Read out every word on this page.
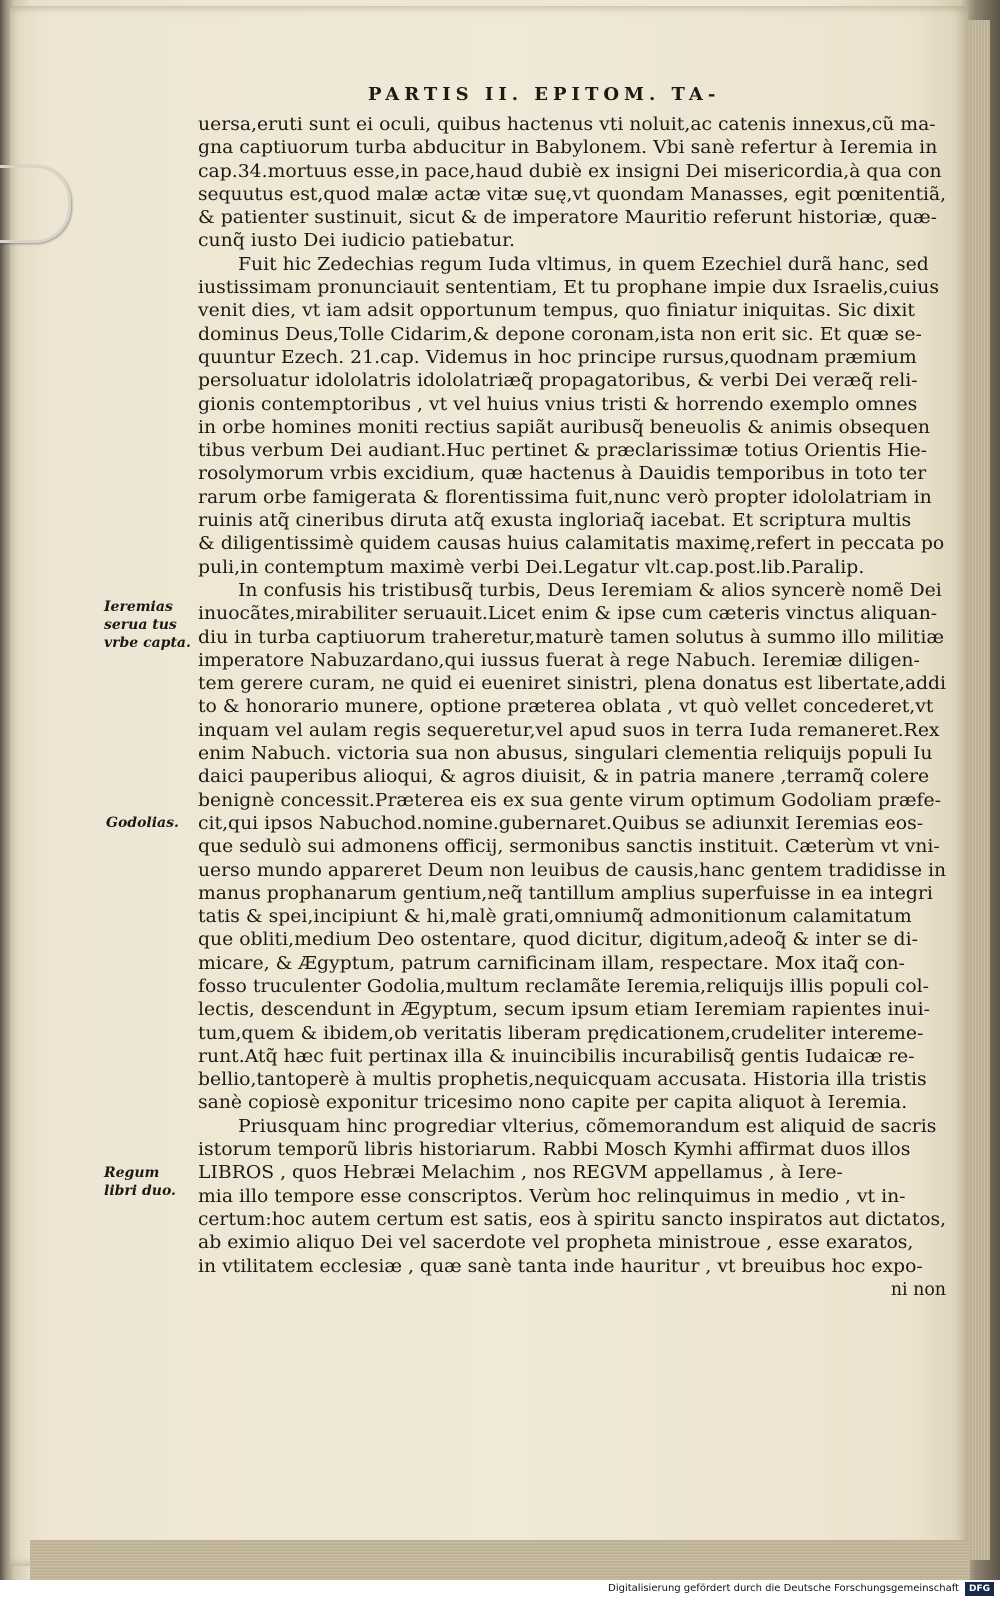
PARTIS II. EPITOM. TA-
uersa,eruti sunt ei oculi, quibus hactenus vti noluit,ac catenis innexus,cũ ma-
gna captiuorum turba abducitur in Babylonem. Vbi sanè refertur à Ieremia in
cap.34.mortuus esse,in pace,haud dubiè ex insigni Dei misericordia,à qua con
sequutus est,quod malæ actæ vitæ suę,vt quondam Manasses, egit pœnitentiã,
& patienter sustinuit, sicut & de imperatore Mauritio referunt historiæ, quæ-
cunq̃ iusto Dei iudicio patiebatur.
Fuit hic Zedechias regum Iuda vltimus, in quem Ezechiel durã hanc, sed
iustissimam pronunciauit sententiam, Et tu prophane impie dux Israelis,cuius
venit dies, vt iam adsit opportunum tempus, quo finiatur iniquitas. Sic dixit
dominus Deus,Tolle Cidarim,& depone coronam,ista non erit sic. Et quæ se-
quuntur Ezech. 21.cap. Videmus in hoc principe rursus,quodnam præmium
persoluatur idololatris idololatriæq̃ propagatoribus, & verbi Dei veræq̃ reli-
gionis contemptoribus , vt vel huius vnius tristi & horrendo exemplo omnes
in orbe homines moniti rectius sapiãt auribusq̃ beneuolis & animis obsequen
tibus verbum Dei audiant.Huc pertinet & præclarissimæ totius Orientis Hie-
rosolymorum vrbis excidium, quæ hactenus à Dauidis temporibus in toto ter
rarum orbe famigerata & florentissima fuit,nunc verò propter idololatriam in
ruinis atq̃ cineribus diruta atq̃ exusta ingloriaq̃ iacebat. Et scriptura multis
& diligentissimè quidem causas huius calamitatis maximę,refert in peccata po
puli,in contemptum maximè verbi Dei.Legatur vlt.cap.post.lib.Paralip.
In confusis his tristibusq̃ turbis, Deus Ieremiam & alios syncerè nomẽ Dei
inuocãtes,mirabiliter seruauit.Licet enim & ipse cum cæteris vinctus aliquan-
diu in turba captiuorum traheretur,maturè tamen solutus à summo illo militiæ
imperatore Nabuzardano,qui iussus fuerat à rege Nabuch. Ieremiæ diligen-
tem gerere curam, ne quid ei eueniret sinistri, plena donatus est libertate,addi
to & honorario munere, optione præterea oblata , vt quò vellet concederet,vt
inquam vel aulam regis sequeretur,vel apud suos in terra Iuda remaneret.Rex
enim Nabuch. victoria sua non abusus, singulari clementia reliquijs populi Iu
daici pauperibus alioqui, & agros diuisit, & in patria manere ,terramq̃ colere
benignè concessit.Præterea eis ex sua gente virum optimum Godoliam præfe-
cit,qui ipsos Nabuchod.nomine.gubernaret.Quibus se adiunxit Ieremias eos-
que sedulò sui admonens officij, sermonibus sanctis instituit. Cæterùm vt vni-
uerso mundo appareret Deum non leuibus de causis,hanc gentem tradidisse in
manus prophanarum gentium,neq̃ tantillum amplius superfuisse in ea integri
tatis & spei,incipiunt & hi,malè grati,omniumq̃ admonitionum calamitatum
que obliti,medium Deo ostentare, quod dicitur, digitum,adeoq̃ & inter se di-
micare, & Ægyptum, patrum carnificinam illam, respectare. Mox itaq̃ con-
fosso truculenter Godolia,multum reclamãte Ieremia,reliquijs illis populi col-
lectis, descendunt in Ægyptum, secum ipsum etiam Ieremiam rapientes inui-
tum,quem & ibidem,ob veritatis liberam prędicationem,crudeliter intereme-
runt.Atq̃ hæc fuit pertinax illa & inuincibilis incurabilisq̃ gentis Iudaicæ re-
bellio,tantoperè à multis prophetis,nequicquam accusata. Historia illa tristis
sanè copiosè exponitur tricesimo nono capite per capita aliquot à Ieremia.
Priusquam hinc progrediar vlterius, cõmemorandum est aliquid de sacris
istorum temporũ libris historiarum. Rabbi Mosch Kymhi affirmat duos illos
LIBROS , quos Hebræi Melachim , nos REGVM appellamus , à Iere-
mia illo tempore esse conscriptos. Verùm hoc relinquimus in medio , vt in-
certum:hoc autem certum est satis, eos à spiritu sancto inspiratos aut dictatos,
ab eximio aliquo Dei vel sacerdote vel propheta ministroue , esse exaratos,
in vtilitatem ecclesiæ , quæ sanè tanta inde hauritur , vt breuibus hoc expo-
ni non
Ieremias serua tus vrbe capta.
Godolias.
Regum libri duo.
Digitalisierung gefördert durch die Deutsche Forschungsgemeinschaft DFG
